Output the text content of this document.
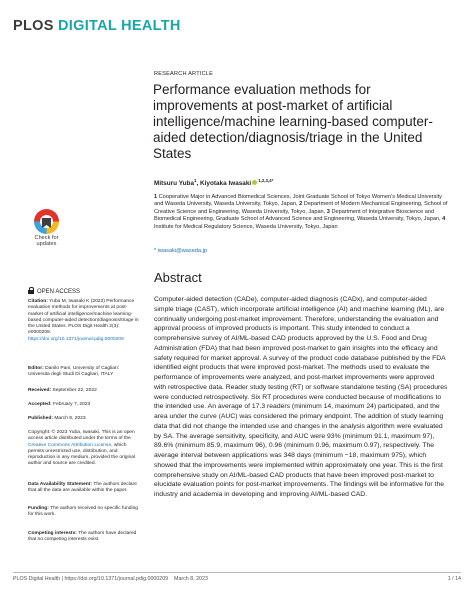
PLOS DIGITAL HEALTH
Check for
updates
OPEN ACCESS
Citation: Yuba M, Iwasaki K (2023) Performance evaluation methods for improvements at post-market of artificial intelligence/machine learning-based computer-aided detection/diagnosis/triage in the United States. PLOS Digit Health 2(3): e0000209. https://doi.org/10.1371/journal.pdig.0000209
Editor: Danilo Pani, University of Cagliari: Universita degli Studi Di Cagliari, ITALY
Received: September 22, 2022
Accepted: February 7, 2023
Published: March 8, 2023
Copyright: © 2023 Yuba, Iwasaki. This is an open access article distributed under the terms of the Creative Commons Attribution License, which permits unrestricted use, distribution, and reproduction in any medium, provided the original author and source are credited.
Data Availability Statement: The authors declare that all the data are available within the paper.
Funding: The authors received no specific funding for this work.
Competing interests: The authors have declared that no competing interests exist.
RESEARCH ARTICLE
Performance evaluation methods for improvements at post-market of artificial intelligence/machine learning-based computer-aided detection/diagnosis/triage in the United States
Mitsuru Yuba$^1$, Kiyotaka Iwasaki $^{1,2,3,4*}$
1 Cooperative Major in Advanced Biomedical Sciences, Joint Graduate School of Tokyo Women’s Medical University and Waseda University, Waseda University, Tokyo, Japan, 2 Department of Modern Mechanical Engineering, School of Creative Science and Engineering, Waseda University, Tokyo, Japan, 3 Department of Integrative Bioscience and Biomedical Engineering, Graduate School of Advanced Science and Engineering, Waseda University, Tokyo, Japan, 4 Institute for Medical Regulatory Science, Waseda University, Tokyo, Japan
* iwasaki@waseda.jp
Abstract
Computer-aided detection (CADe), computer-aided diagnosis (CADx), and computer-aided simple triage (CAST), which incorporate artificial intelligence (AI) and machine learning (ML), are continually undergoing post-market improvement. Therefore, understanding the evaluation and approval process of improved products is important. This study intended to conduct a comprehensive survey of AI/ML-based CAD products approved by the U.S. Food and Drug Administration (FDA) that had been improved post-market to gain insights into the efficacy and safety required for market approval. A survey of the product code database published by the FDA identified eight products that were improved post-market. The methods used to evaluate the performance of improvements were analyzed, and post-market improvements were approved with retrospective data. Reader study testing (RT) or software standalone testing (SA) procedures were conducted retrospectively. Six RT procedures were conducted because of modifications to the intended use. An average of 17.3 readers (minimum 14, maximum 24) participated, and the area under the curve (AUC) was considered the primary endpoint. The addition of study learning data that did not change the intended use and changes in the analysis algorithm were evaluated by SA. The average sensitivity, specificity, and AUC were 93% (minimum 91.1, maximum 97), 89.6% (minimum 85.9, maximum 96), 0.96 (minimum 0.96, maximum 0.97), respectively. The average interval between applications was 348 days (minimum −18, maximum 975), which showed that the improvements were implemented within approximately one year. This is the first comprehensive study on AI/ML-based CAD products that have been improved post-market to elucidate evaluation points for post-market improvements. The findings will be informative for the industry and academia in developing and improving AI/ML-based CAD.
PLOS Digital Health | https://doi.org/10.1371/journal.pdig.0000209 March 8, 2023	1 / 14
